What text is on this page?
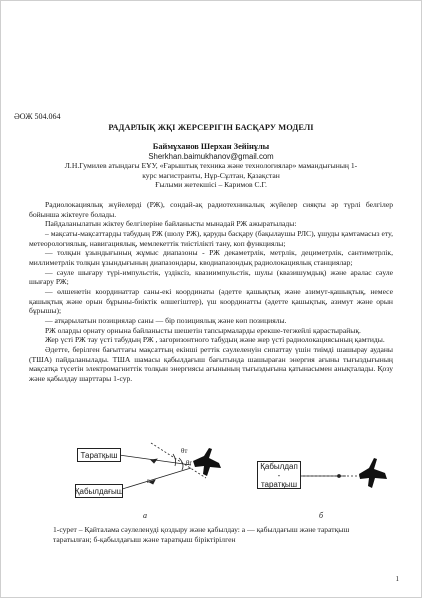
ӘОЖ 504.064
РАДАРЛЫҚ ЖҚІ ЖЕРСЕРІГІН БАСҚАРУ МОДЕЛІ
Баймұханов Шерхан Зейінұлы
Sherkhan.baimukhanov@gmail.com
Л.Н.Гумилев атындағы ЕҰУ, «Ғарыштық техника және технологиялар» мамандығының 1-
курс магистранты, Нұр-Сұлтан, Қазақстан
Ғылыми жетекшісі – Каримов С.Г.

Радиолокациялық жүйелерді (РЖ), сондай-ақ радиотехникалық жүйелер сияқты әр түрлі белгілер бойынша жіктеуге болады.

Пайдаланылатын жіктеу белгілеріне байланысты мынадай РЖ ажыратылады:

– мақсаты-мақсаттарды табудың РЖ (шолу РЖ), қаруды басқару (бақылаушы РЛС), ұшуды қамтамасыз ету, метеорологиялық, навигациялық, мемлекеттік тиістілікті тану, коп функциялы;

— толқын ұзындығының жұмыс диапазоны - РЖ декаметрлік, метрлік, дециметрлік, сантиметрлік, миллиметрлік толқын ұзындығының диапазондары, кводиапазондық радиолокациялық станциялар;

— сәуле шығару түрі-импульстік, үздіксіз, квазиимпульстік, шулы (квазишумдық) және аралас сәуле шығару РЖ;

— өлшенетін координаттар саны-екі координаты (әдетте қашықтық және азимут-қашықтық, немесе қашықтық және орын бұрыны-биіктік өлшегіштер), үш координатты (әдетте қашықтық, азимут және орын бұрышы);

— атқарылатын позициялар саны — бір позициялық және көп позициялы.

РЖ оларды орнату орнына байланысты шешетін тапсырмаларды ерекше-тегжейлі қарастырайық.

Жер үсті РЖ тау үсті табудың РЖ , загоризонтного табудың және жер үсті радиолокациясының қамтиды.

Әдетте, берілген бағыттағы мақсаттың екінші реттік сәулеленуін сипаттау үшін тиімді шашырау ауданы (ТША) пайдаланылады. ТША шамасы қабылдағыш бағытында шашыраған энергия ағыны тығыздығының мақсатқа түсетін электромагниттік толқын энергиясы ағынының тығыздығына қатынасымен анықталады. Қозу және қабылдау шарттары 1-сур.

θт
θr
r
а	б
Таратқыш
Қабылдағыш
Қабылдап -
таратқыш
1-сурет – Қайталама сәулеленуді қоздыру және қабылдау: а — қабылдағыш және таратқыш таратылған; б-қабылдағыш және таратқыш біріктірілген
1
